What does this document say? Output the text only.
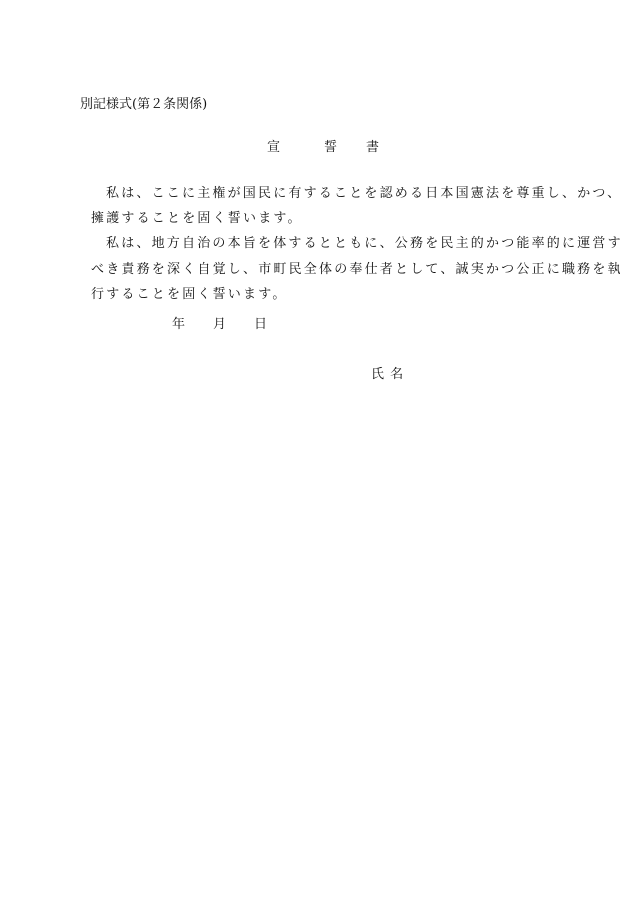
別記様式(第２条関係)
宣	誓 書
私は、ここに主権が国民に有することを認める日本国憲法を尊重し、かつ、
擁護することを固く誓います。
私は、地方自治の本旨を体するとともに、公務を民主的かつ能率的に運営す
べき責務を深く自覚し、市町民全体の奉仕者として、誠実かつ公正に職務を執
行することを固く誓います。
年 月 日
氏 名
